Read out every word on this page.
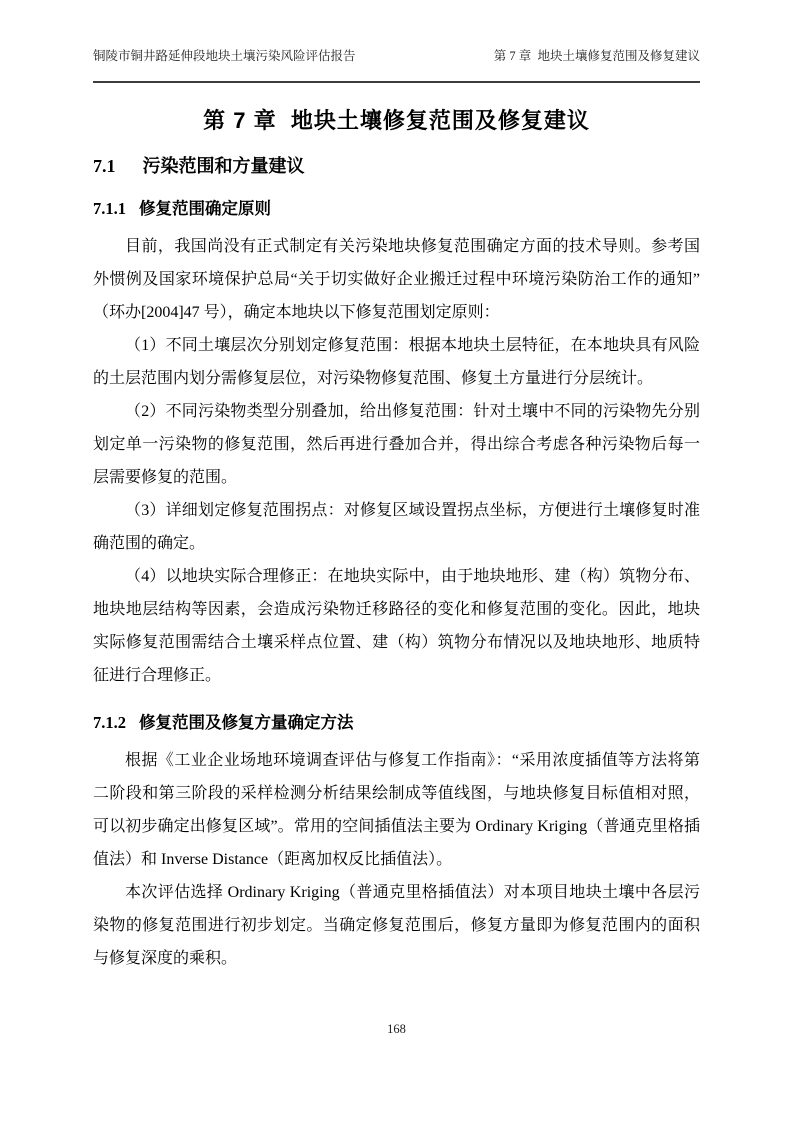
铜陵市铜井路延伸段地块土壤污染风险评估报告	第 7 章  地块土壤修复范围及修复建议
第 7 章  地块土壤修复范围及修复建议
7.1 污染范围和方量建议
7.1.1 修复范围确定原则

目前，我国尚没有正式制定有关污染地块修复范围确定方面的技术导则。参考国外惯例及国家环境保护总局“关于切实做好企业搬迁过程中环境污染防治工作的通知”（环办[2004]47 号），确定本地块以下修复范围划定原则：

（1）不同土壤层次分别划定修复范围：根据本地块土层特征，在本地块具有风险的土层范围内划分需修复层位，对污染物修复范围、修复土方量进行分层统计。

（2）不同污染物类型分别叠加，给出修复范围：针对土壤中不同的污染物先分别划定单一污染物的修复范围，然后再进行叠加合并，得出综合考虑各种污染物后每一层需要修复的范围。

（3）详细划定修复范围拐点：对修复区域设置拐点坐标，方便进行土壤修复时准确范围的确定。

（4）以地块实际合理修正：在地块实际中，由于地块地形、建（构）筑物分布、地块地层结构等因素，会造成污染物迁移路径的变化和修复范围的变化。因此，地块实际修复范围需结合土壤采样点位置、建（构）筑物分布情况以及地块地形、地质特征进行合理修正。

7.1.2 修复范围及修复方量确定方法

根据《工业企业场地环境调查评估与修复工作指南》：“采用浓度插值等方法将第二阶段和第三阶段的采样检测分析结果绘制成等值线图，与地块修复目标值相对照，可以初步确定出修复区域”。常用的空间插值法主要为 Ordinary Kriging（普通克里格插值法）和 Inverse Distance（距离加权反比插值法）。

本次评估选择 Ordinary Kriging（普通克里格插值法）对本项目地块土壤中各层污染物的修复范围进行初步划定。当确定修复范围后，修复方量即为修复范围内的面积与修复深度的乘积。

168
